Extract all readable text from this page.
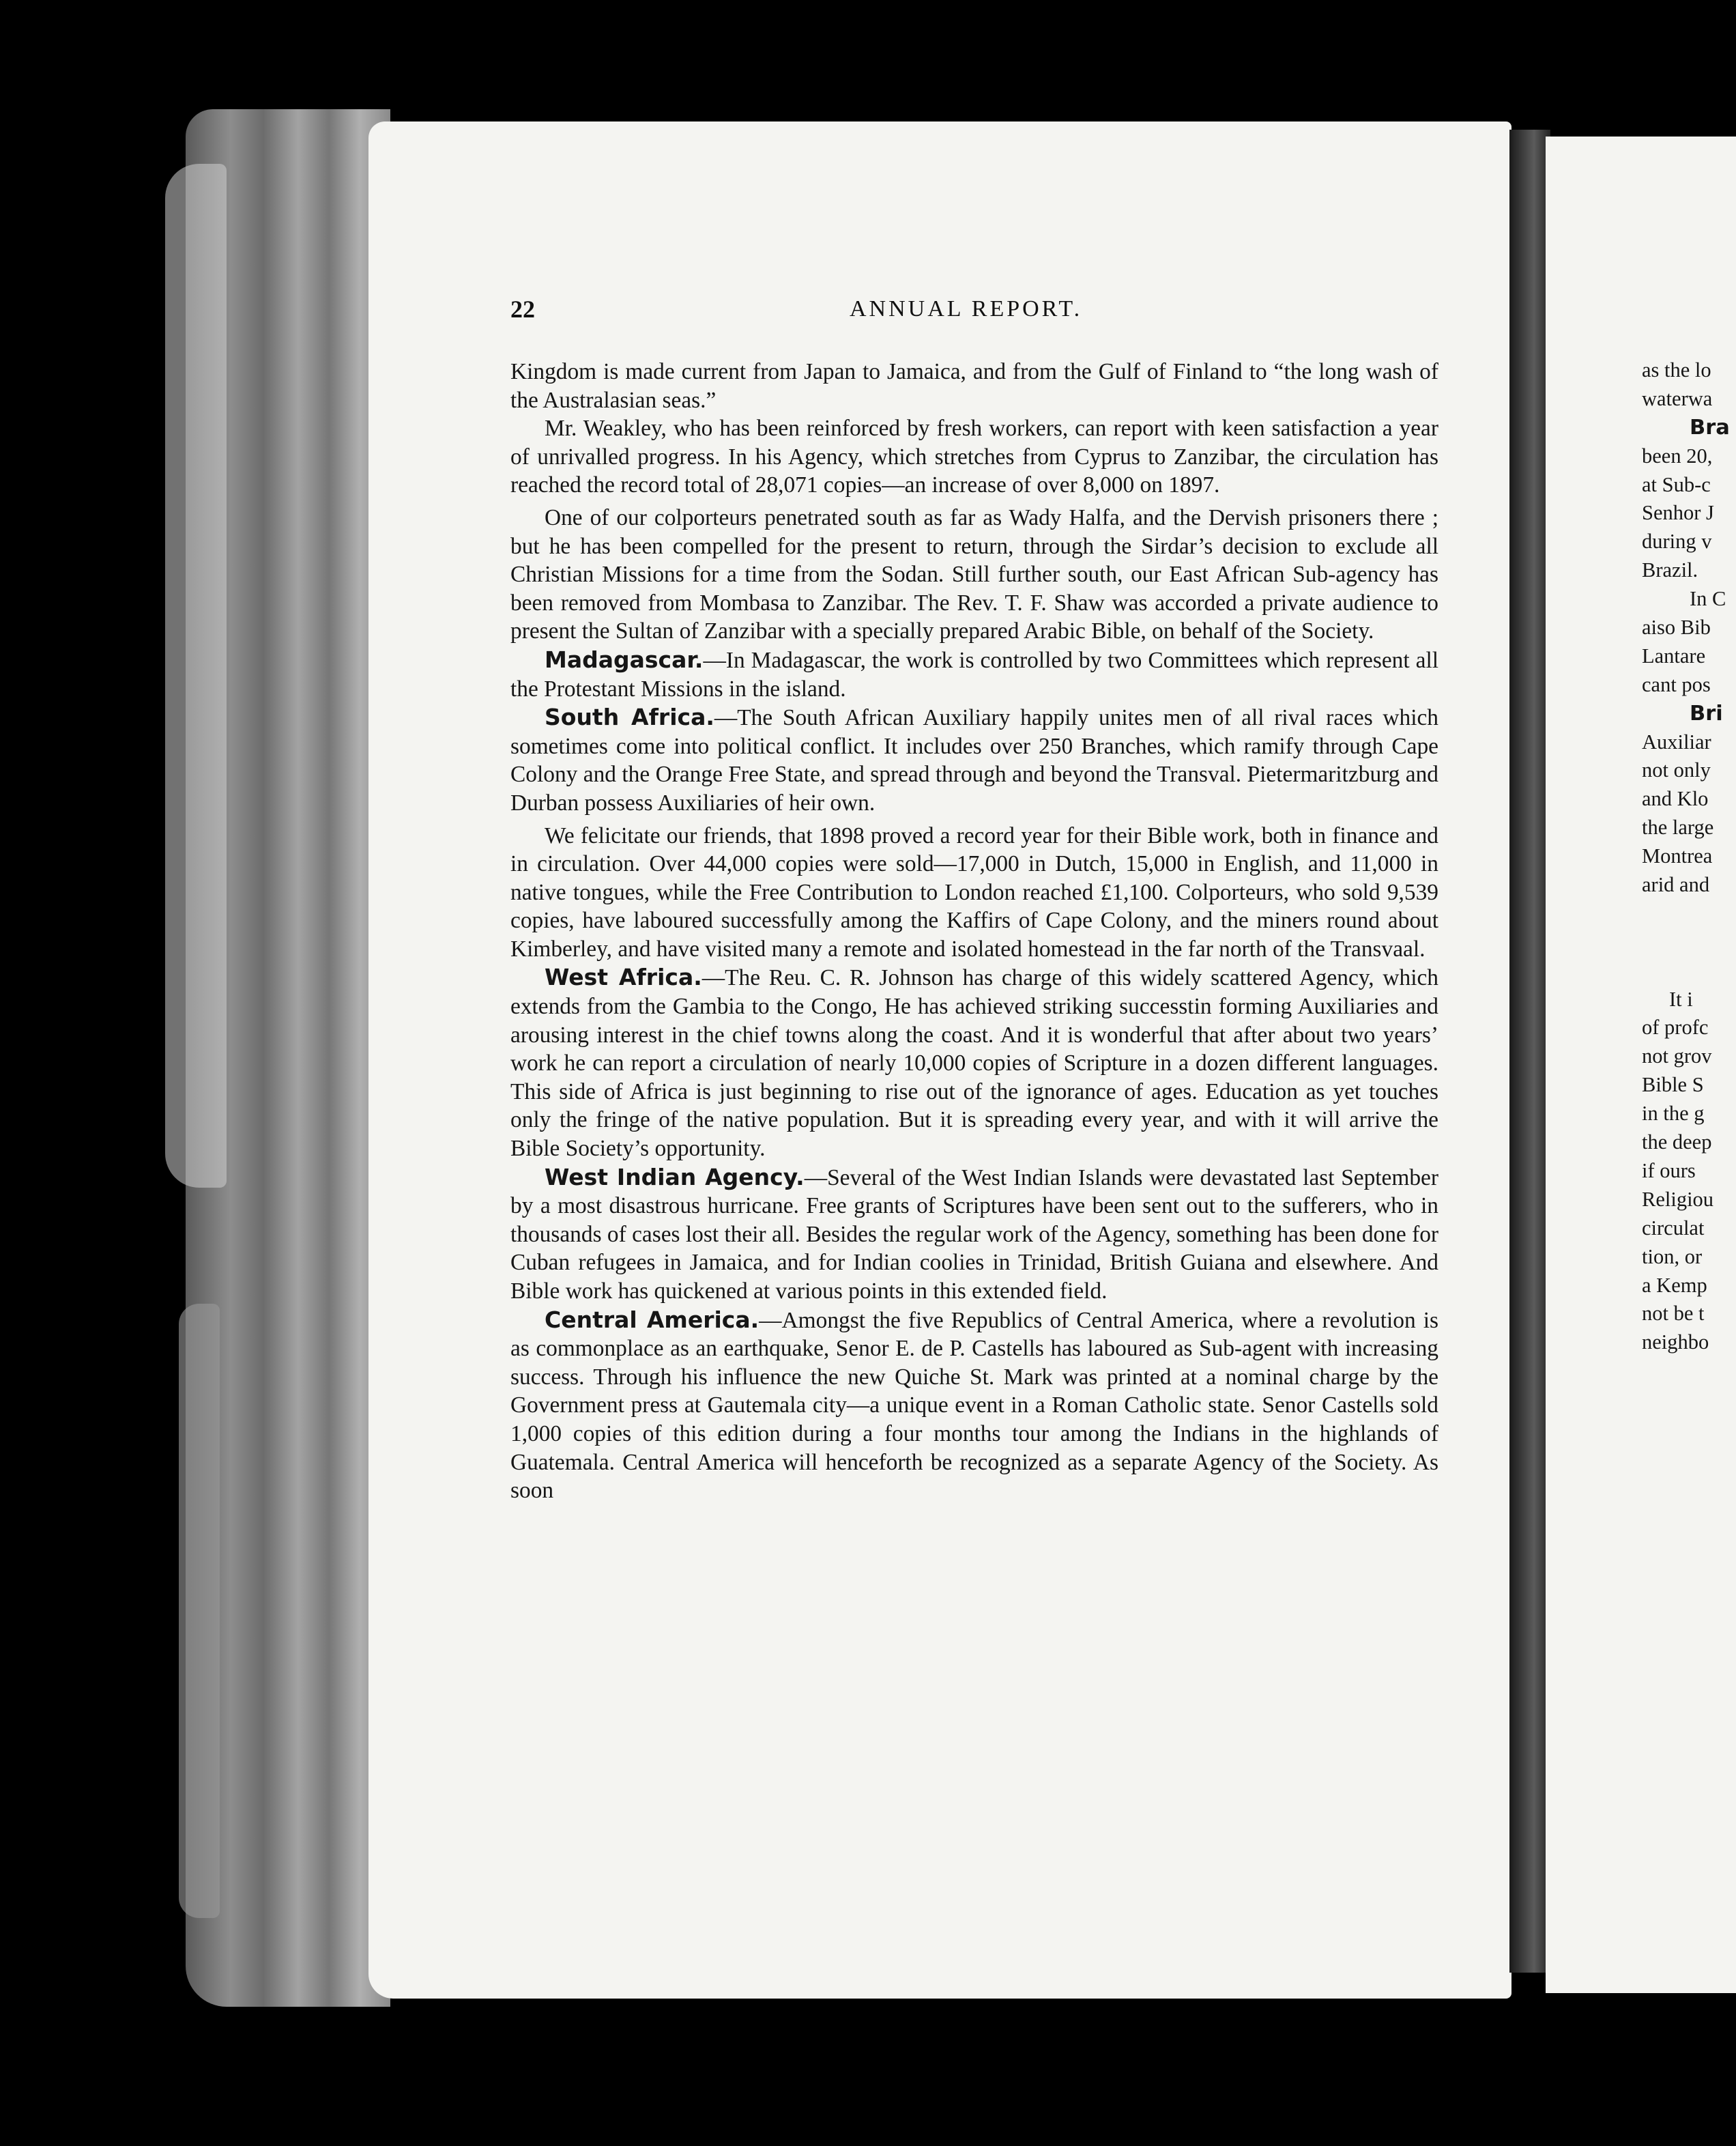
22	ANNUAL REPORT.

Kingdom is made current from Japan to Jamaica, and from the Gulf of Finland to “the long wash of the Australasian seas.”

Mr. Weakley, who has been reinforced by fresh workers, can report with keen satisfaction a year of unrivalled progress. In his Agency, which stretches from Cyprus to Zanzibar, the circulation has reached the record total of 28,071 copies—an increase of over 8,000 on 1897.

One of our colporteurs penetrated south as far as Wady Halfa, and the Dervish prisoners there ; but he has been compelled for the present to return, through the Sirdar’s decision to exclude all Christian Missions for a time from the Sodan. Still further south, our East African Sub-agency has been removed from Mombasa to Zanzibar. The Rev. T. F. Shaw was accorded a private audience to present the Sultan of Zanzibar with a specially prepared Arabic Bible, on behalf of the Society.

Madagascar.—In Madagascar, the work is controlled by two Committees which represent all the Protestant Missions in the island.

South Africa.—The South African Auxiliary happily unites men of all rival races which sometimes come into political conflict. It includes over 250 Branches, which ramify through Cape Colony and the Orange Free State, and spread through and beyond the Transval. Pietermaritzburg and Durban possess Auxiliaries of heir own.

We felicitate our friends, that 1898 proved a record year for their Bible work, both in finance and in circulation. Over 44,000 copies were sold—17,000 in Dutch, 15,000 in English, and 11,000 in native tongues, while the Free Contribution to London reached £1,100. Colporteurs, who sold 9,539 copies, have laboured successfully among the Kaffirs of Cape Colony, and the miners round about Kimberley, and have visited many a remote and isolated homestead in the far north of the Transvaal.

West Africa.—The Reu. C. R. Johnson has charge of this widely scattered Agency, which extends from the Gambia to the Congo, He has achieved striking successtin forming Auxiliaries and arousing interest in the chief towns along the coast. And it is wonderful that after about two years’ work he can report a circulation of nearly 10,000 copies of Scripture in a dozen different languages. This side of Africa is just beginning to rise out of the ignorance of ages. Education as yet touches only the fringe of the native population. But it is spreading every year, and with it will arrive the Bible Society’s opportunity.

West Indian Agency.—Several of the West Indian Islands were devastated last September by a most disastrous hurricane. Free grants of Scriptures have been sent out to the sufferers, who in thousands of cases lost their all. Besides the regular work of the Agency, something has been done for Cuban refugees in Jamaica, and for Indian coolies in Trinidad, British Guiana and elsewhere. And Bible work has quickened at various points in this extended field.

Central America.—Amongst the five Republics of Central America, where a revolution is as commonplace as an earthquake, Senor E. de P. Castells has laboured as Sub-agent with increasing success. Through his influence the new Quiche St. Mark was printed at a nominal charge by the Government press at Gautemala city—a unique event in a Roman Catholic state. Senor Castells sold 1,000 copies of this edition during a four months tour among the Indians in the highlands of Guatemala. Central America will henceforth be recognized as a separate Agency of the Society. As soon

as the lo
waterwa
Bra
been 20,
at Sub-c
Senhor J
during v
Brazil.
In C
aiso Bib
Lantare
cant pos
Bri
Auxiliar
not only
and Klo
the large
Montrea
arid and
It i
of profc
not grov
Bible S
in the g
the deep
if ours
Religiou
circulat
tion, or
a Kemp
not be t
neighbo
